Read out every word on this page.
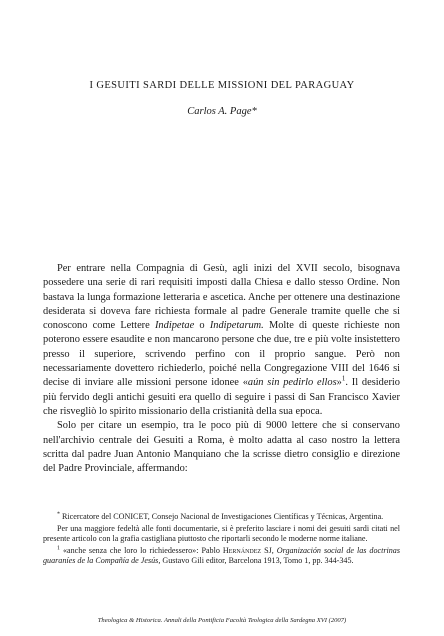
I GESUITI SARDI DELLE MISSIONI DEL PARAGUAY
Carlos A. Page*

Per entrare nella Compagnia di Gesù, agli inizi del XVII secolo, bisognava possedere una serie di rari requisiti imposti dalla Chiesa e dallo stesso Ordine. Non bastava la lunga formazione letteraria e ascetica. Anche per ottenere una destinazione desiderata si doveva fare richiesta formale al padre Generale tramite quelle che si conoscono come Lettere Indipetae o Indipetarum. Molte di queste richieste non poterono essere esaudite e non mancarono persone che due, tre e più volte insistettero presso il superiore, scrivendo perfino con il proprio sangue. Però non necessariamente dovettero richiederlo, poiché nella Congregazione VIII del 1646 si decise di inviare alle missioni persone idonee «aún sin pedirlo ellos»$^1$. Il desiderio più fervido degli antichi gesuiti era quello di seguire i passi di San Francisco Xavier che risvegliò lo spirito missionario della cristianità della sua epoca.

Solo per citare un esempio, tra le poco più di 9000 lettere che si conservano nell'archivio centrale dei Gesuiti a Roma, è molto adatta al caso nostro la lettera scritta dal padre Juan Antonio Manquiano che la scrisse dietro consiglio e direzione del Padre Provinciale, affermando:

* Ricercatore del CONICET, Consejo Nacional de Investigaciones Científicas y Técnicas, Argentina.

Per una maggiore fedeltà alle fonti documentarie, si è preferito lasciare i nomi dei gesuiti sardi citati nel presente articolo con la grafia castigliana piuttosto che riportarli secondo le moderne norme italiane.

$^1$ «anche senza che loro lo richiedessero»: Pablo Hernández SJ, Organización social de las doctrinas guaraníes de la Compañía de Jesús, Gustavo Gili editor, Barcelona 1913, Tomo 1, pp. 344-345.

Theologica & Historica. Annali della Pontificia Facoltà Teologica della Sardegna XVI (2007)
